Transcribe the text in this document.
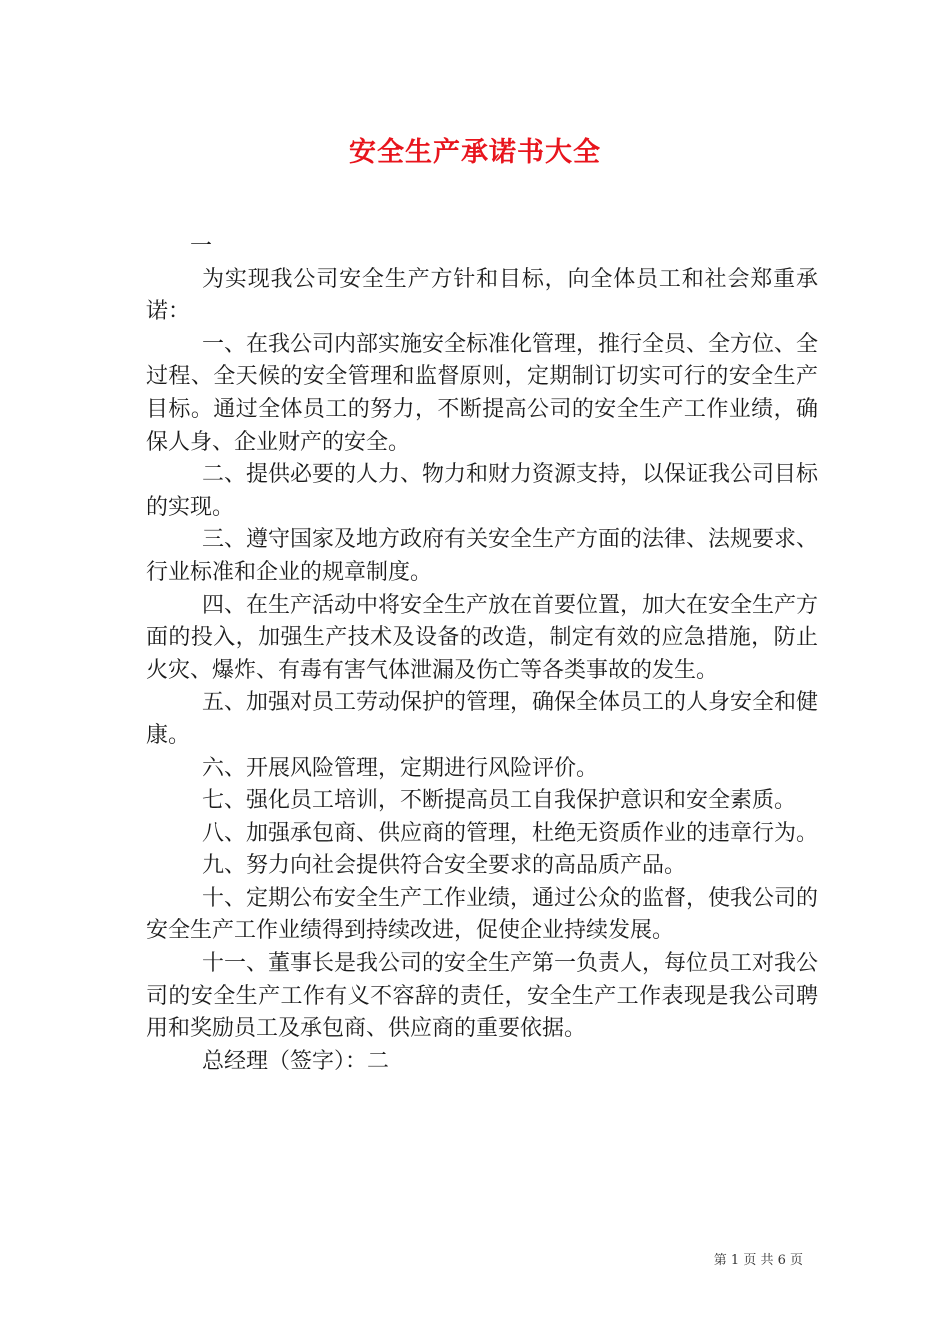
安全生产承诺书大全

一

为实现我公司安全生产方针和目标，向全体员工和社会郑重承诺：

一、在我公司内部实施安全标准化管理，推行全员、全方位、全过程、全天候的安全管理和监督原则，定期制订切实可行的安全生产目标。通过全体员工的努力，不断提高公司的安全生产工作业绩，确保人身、企业财产的安全。

二、提供必要的人力、物力和财力资源支持，以保证我公司目标的实现。

三、遵守国家及地方政府有关安全生产方面的法律、法规要求、行业标准和企业的规章制度。

四、在生产活动中将安全生产放在首要位置，加大在安全生产方面的投入，加强生产技术及设备的改造，制定有效的应急措施，防止火灾、爆炸、有毒有害气体泄漏及伤亡等各类事故的发生。

五、加强对员工劳动保护的管理，确保全体员工的人身安全和健康。

六、开展风险管理，定期进行风险评价。

七、强化员工培训，不断提高员工自我保护意识和安全素质。

八、加强承包商、供应商的管理，杜绝无资质作业的违章行为。

九、努力向社会提供符合安全要求的高品质产品。

十、定期公布安全生产工作业绩，通过公众的监督，使我公司的安全生产工作业绩得到持续改进，促使企业持续发展。

十一、董事长是我公司的安全生产第一负责人，每位员工对我公司的安全生产工作有义不容辞的责任，安全生产工作表现是我公司聘用和奖励员工及承包商、供应商的重要依据。

总经理（签字）：二

第 1 页 共 6 页
